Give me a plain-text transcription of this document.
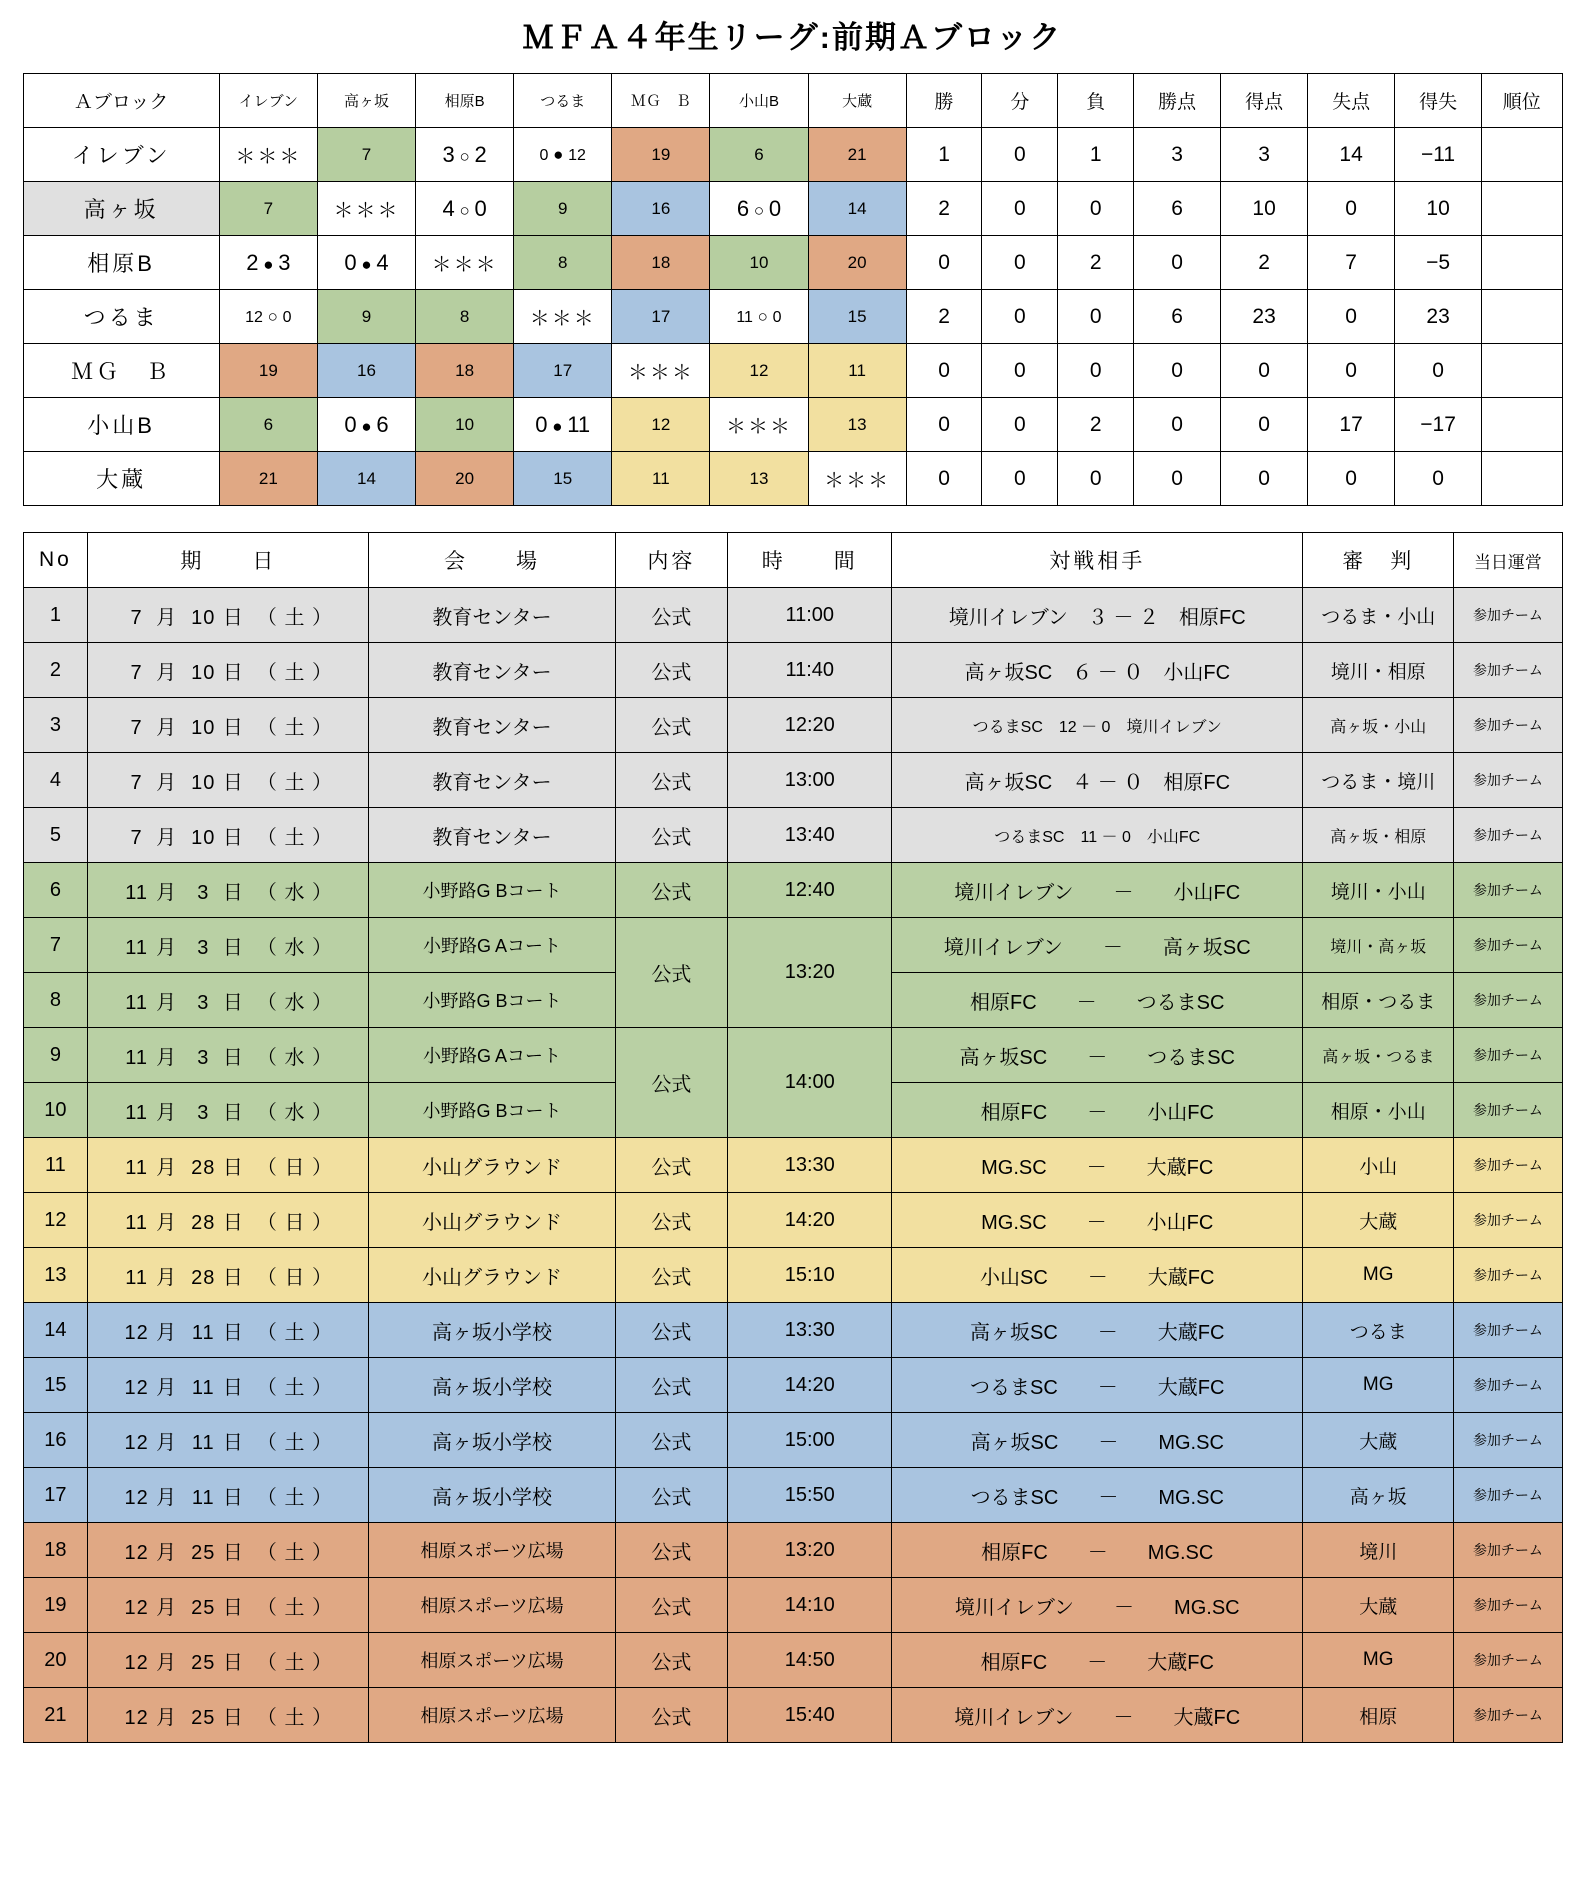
ＭＦＡ４年生リーグ:前期Ａブロック
Ａブロック	イレブン	高ヶ坂	相原B	つるま	ＭＧ　Ｂ	小山B	大蔵	勝	分	負	勝点	得点	失点	得失	順位
イレブン	＊＊＊	7	3 ○ 2	0 ● 12	19	6	21	1	0	1	3	3	14	−11	
高ヶ坂	7	＊＊＊	4 ○ 0	9	16	6 ○ 0	14	2	0	0	6	10	0	10	
相原B	2 ● 3	0 ● 4	＊＊＊	8	18	10	20	0	0	2	0	2	7	−5	
つるま	12 ○ 0	9	8	＊＊＊	17	11 ○ 0	15	2	0	0	6	23	0	23	
ＭＧ　Ｂ	19	16	18	17	＊＊＊	12	11	0	0	0	0	0	0	0	
小山B	6	0 ● 6	10	0 ● 11	12	＊＊＊	13	0	0	2	0	0	17	−17	
大蔵	21	14	20	15	11	13	＊＊＊	0	0	0	0	0	0	0	
No	期　　日	会　　場	内容	時　　間	対戦相手	審　判	当日運営
1	7 月  10 日  （ 土 ）	教育センター	公式	11:00	境川イレブン　３ － ２　相原FC	つるま・小山	参加チーム
2	7 月  10 日  （ 土 ）	教育センター	公式	11:40	高ヶ坂SC　６ － ０　小山FC	境川・相原	参加チーム
3	7 月  10 日  （ 土 ）	教育センター	公式	12:20	つるまSC　12 － 0　境川イレブン	高ヶ坂・小山	参加チーム
4	7 月  10 日  （ 土 ）	教育センター	公式	13:00	高ヶ坂SC　４ － ０　相原FC	つるま・境川	参加チーム
5	7 月  10 日  （ 土 ）	教育センター	公式	13:40	つるまSC　11 － 0　小山FC	高ヶ坂・相原	参加チーム
6	11 月  3 日  （ 水 ）	小野路G Bコート	公式	12:40	境川イレブン　　－　　小山FC	境川・小山	参加チーム
7	11 月  3 日  （ 水 ）	小野路G Aコート	公式	13:20	境川イレブン　　－　　高ヶ坂SC	境川・高ヶ坂	参加チーム
8	11 月  3 日  （ 水 ）	小野路G Bコート			相原FC　　－　　つるまSC	相原・つるま	参加チーム
9	11 月  3 日  （ 水 ）	小野路G Aコート	公式	14:00	高ヶ坂SC　　－　　つるまSC	高ヶ坂・つるま	参加チーム
10	11 月  3 日  （ 水 ）	小野路G Bコート			相原FC　　－　　小山FC	相原・小山	参加チーム
11	11 月  28 日  （ 日 ）	小山グラウンド	公式	13:30	MG.SC　　－　　大蔵FC	小山	参加チーム
12	11 月  28 日  （ 日 ）	小山グラウンド	公式	14:20	MG.SC　　－　　小山FC	大蔵	参加チーム
13	11 月  28 日  （ 日 ）	小山グラウンド	公式	15:10	小山SC　　－　　大蔵FC	MG	参加チーム
14	12 月  11 日  （ 土 ）	高ヶ坂小学校	公式	13:30	高ヶ坂SC　　－　　大蔵FC	つるま	参加チーム
15	12 月  11 日  （ 土 ）	高ヶ坂小学校	公式	14:20	つるまSC　　－　　大蔵FC	MG	参加チーム
16	12 月  11 日  （ 土 ）	高ヶ坂小学校	公式	15:00	高ヶ坂SC　　－　　MG.SC	大蔵	参加チーム
17	12 月  11 日  （ 土 ）	高ヶ坂小学校	公式	15:50	つるまSC　　－　　MG.SC	高ヶ坂	参加チーム
18	12 月  25 日  （ 土 ）	相原スポーツ広場	公式	13:20	相原FC　　－　　MG.SC	境川	参加チーム
19	12 月  25 日  （ 土 ）	相原スポーツ広場	公式	14:10	境川イレブン　　－　　MG.SC	大蔵	参加チーム
20	12 月  25 日  （ 土 ）	相原スポーツ広場	公式	14:50	相原FC　　－　　大蔵FC	MG	参加チーム
21	12 月  25 日  （ 土 ）	相原スポーツ広場	公式	15:40	境川イレブン　　－　　大蔵FC	相原	参加チーム
